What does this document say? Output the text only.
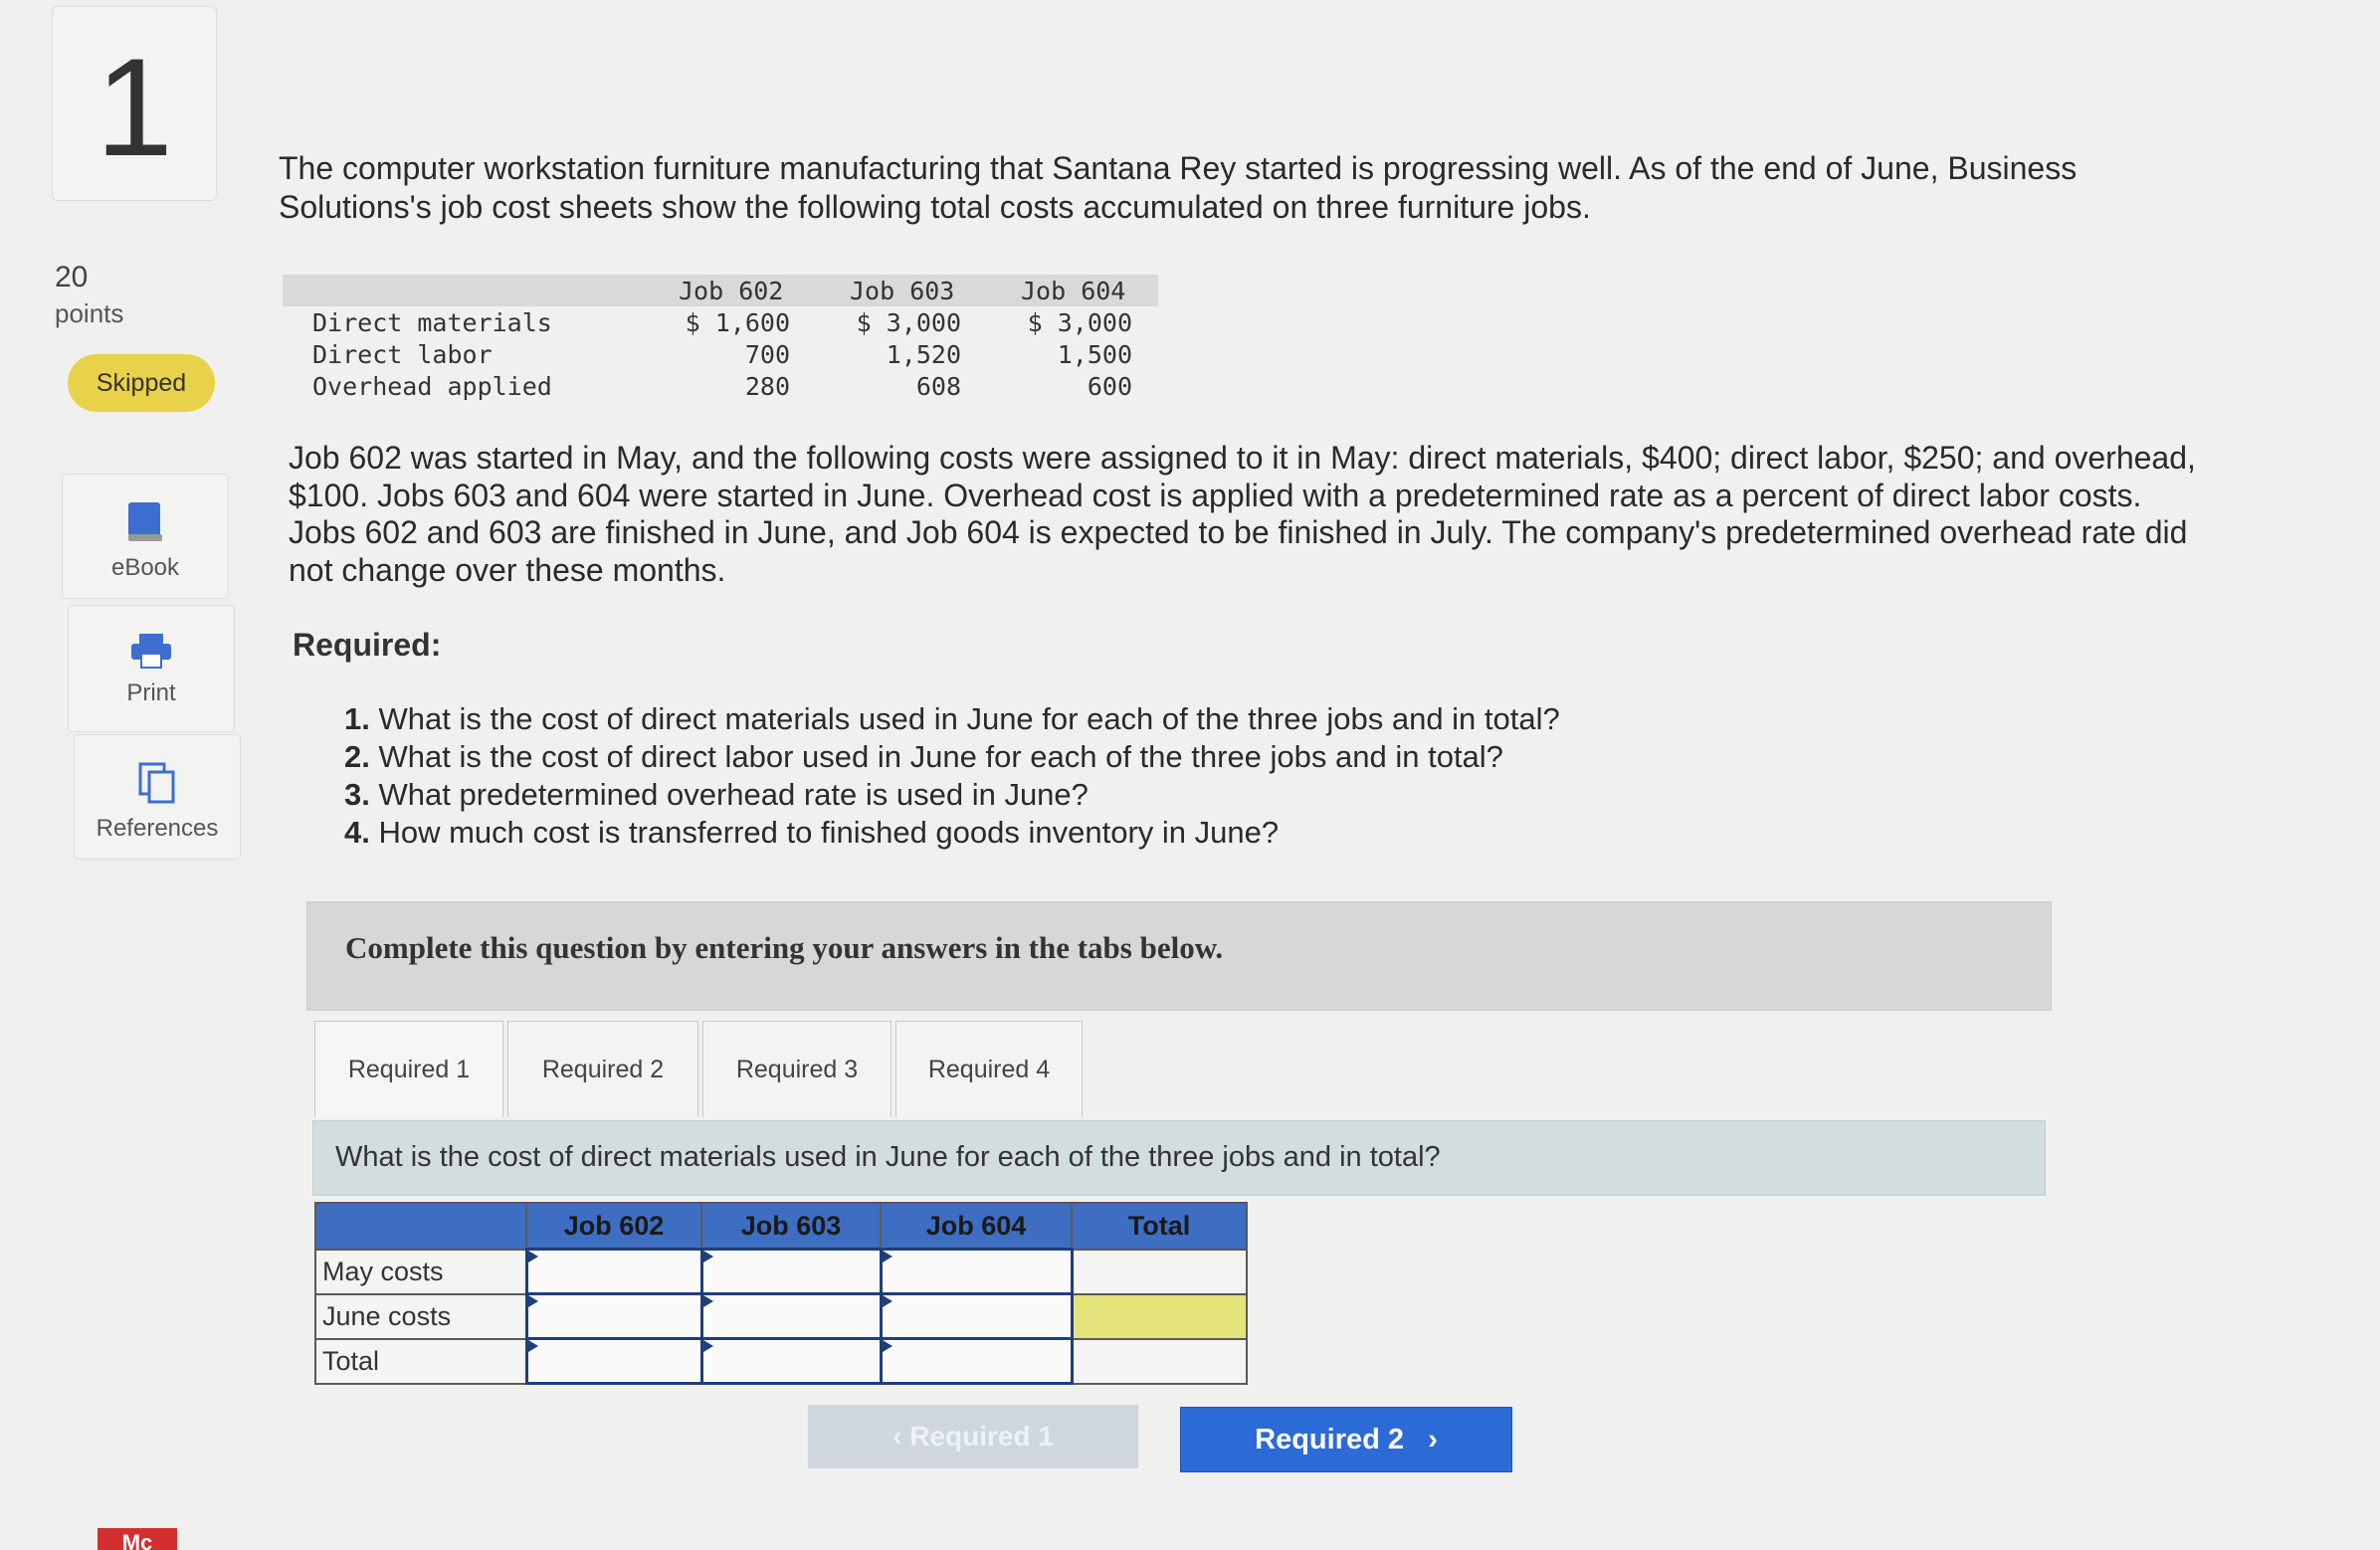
1
20
points
Skipped
eBook
Print
References
The computer workstation furniture manufacturing that Santana Rey started is progressing well. As of the end of June, Business Solutions's job cost sheets show the following total costs accumulated on three furniture jobs.
Job 602	Job 603	Job 604
Direct materials	$ 1,600	$ 3,000	$ 3,000
Direct labor	700	1,520	1,500
Overhead applied	280	608	600
Job 602 was started in May, and the following costs were assigned to it in May: direct materials, $400; direct labor, $250; and overhead, $100. Jobs 603 and 604 were started in June. Overhead cost is applied with a predetermined rate as a percent of direct labor costs. Jobs 602 and 603 are finished in June, and Job 604 is expected to be finished in July. The company's predetermined overhead rate did not change over these months.
Required:
1. What is the cost of direct materials used in June for each of the three jobs and in total?
2. What is the cost of direct labor used in June for each of the three jobs and in total?
3. What predetermined overhead rate is used in June?
4. How much cost is transferred to finished goods inventory in June?
Complete this question by entering your answers in the tabs below.
Required 1	Required 2	Required 3	Required 4
What is the cost of direct materials used in June for each of the three jobs and in total?
	Job 602	Job 603	Job 604	Total
May costs				
June costs				
Total				
‹ Required 1	Required 2   ›
Mc
